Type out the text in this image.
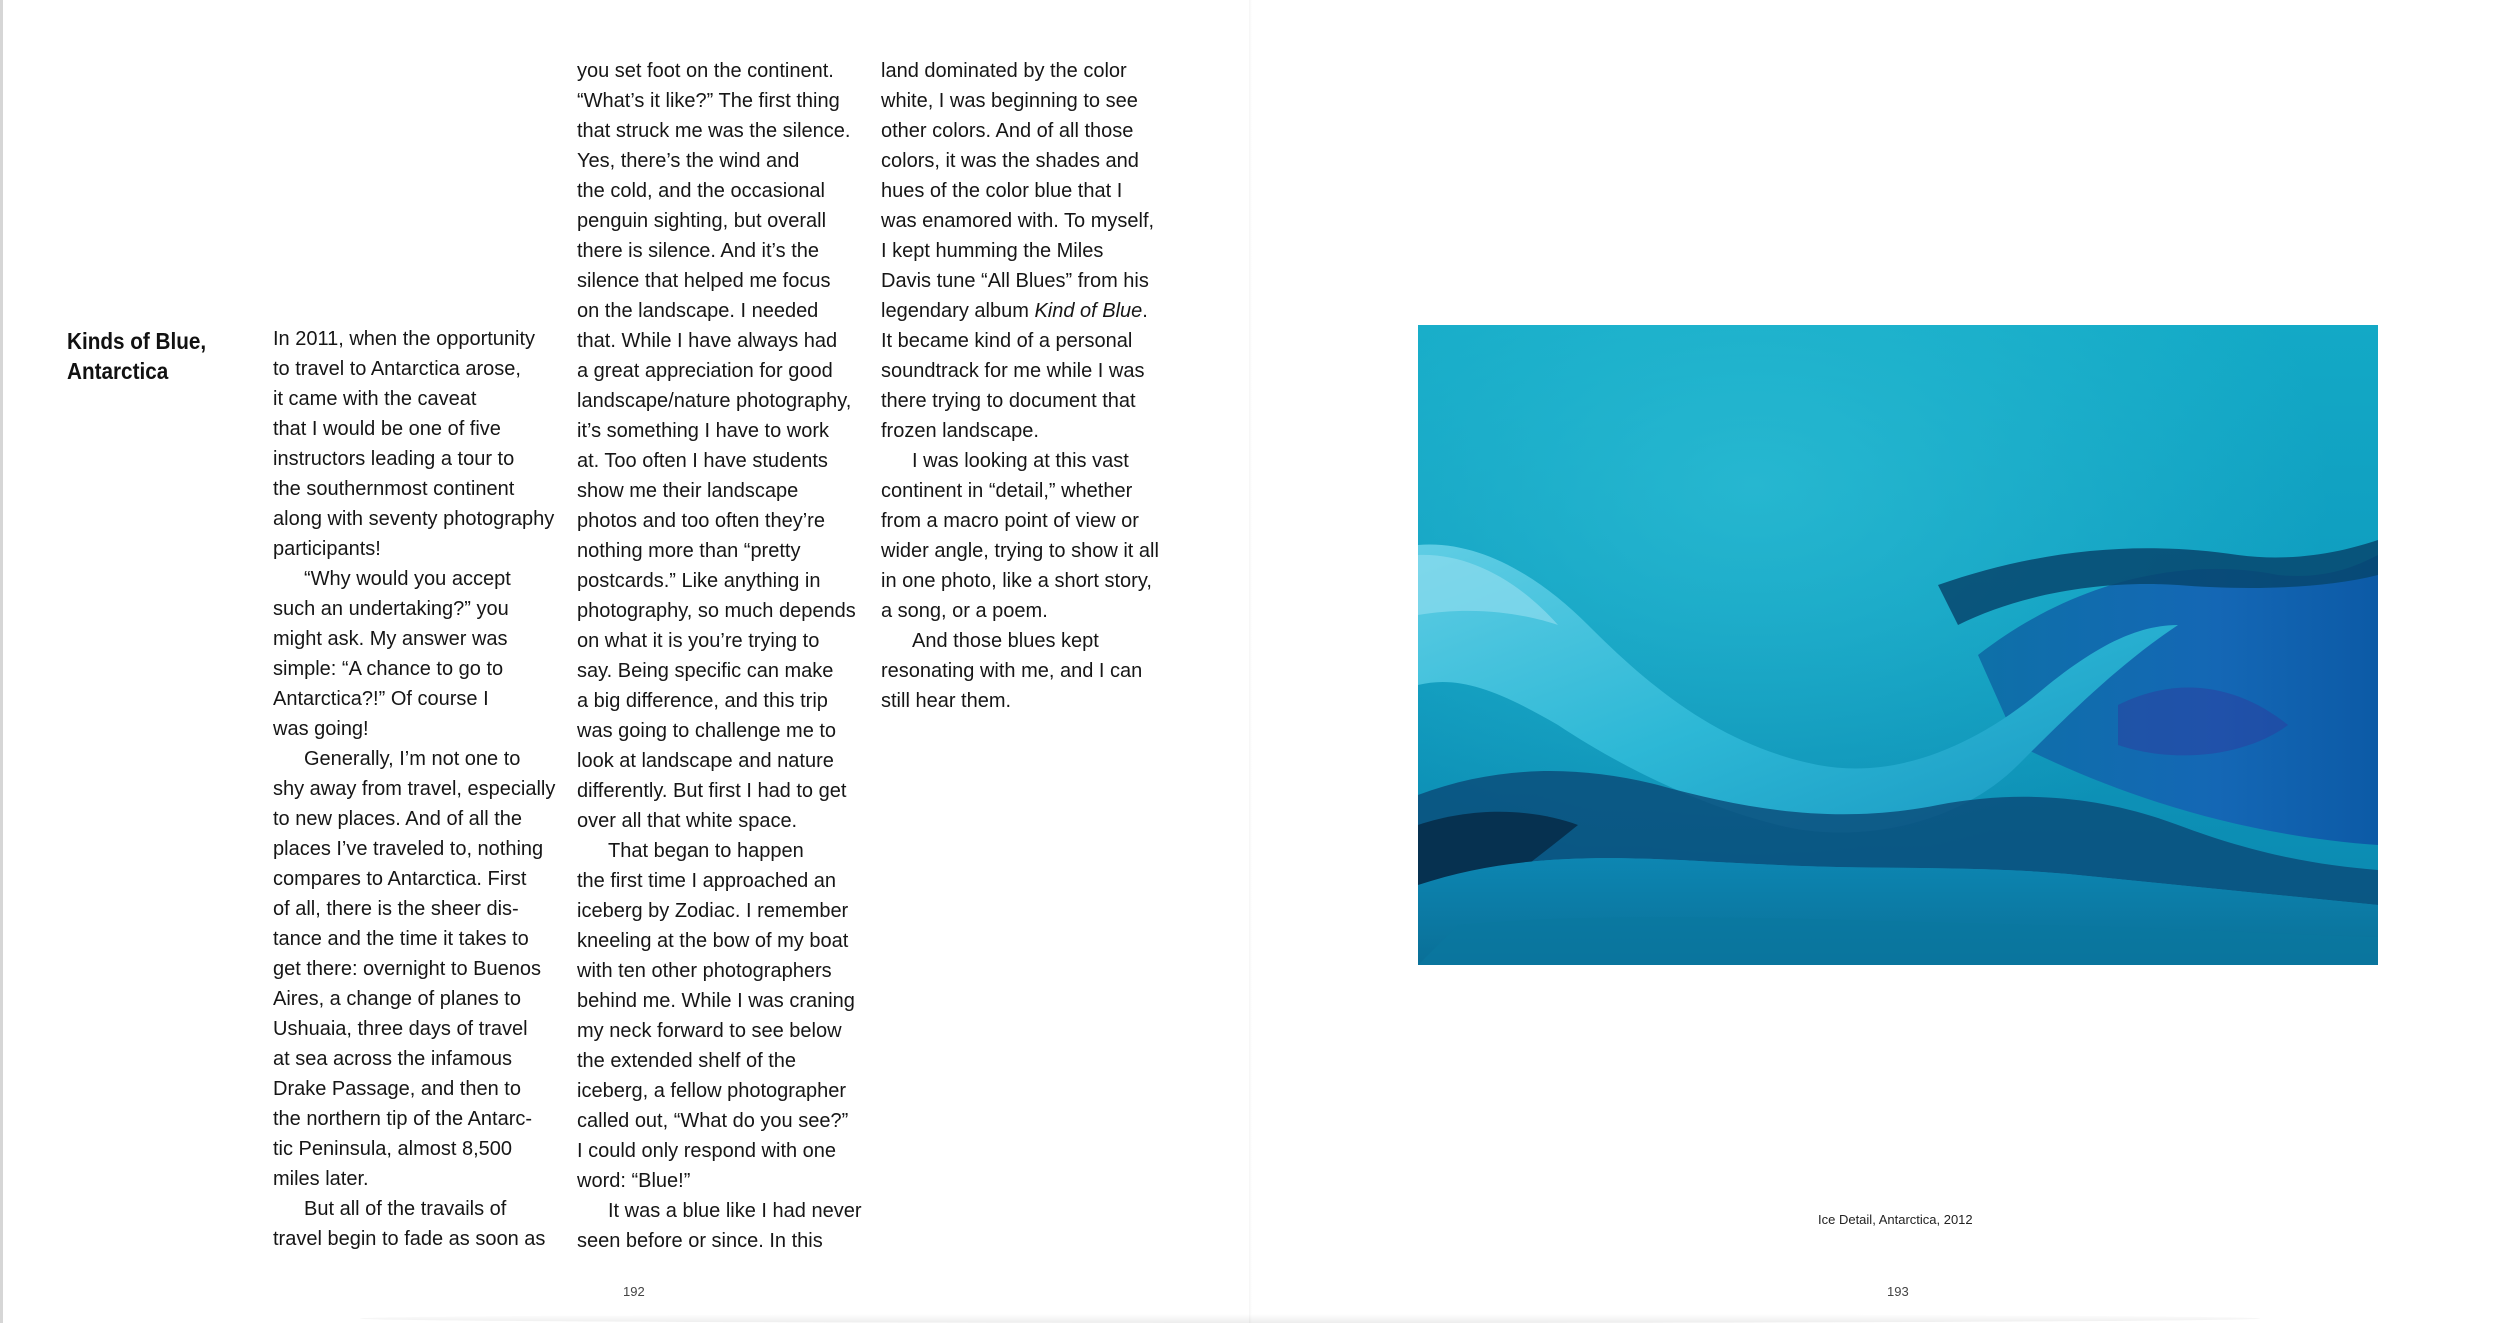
Kinds of Blue,
Antarctica
In 2011, when the opportunity
to travel to Antarctica arose,
it came with the caveat
that I would be one of five
instructors leading a tour to
the southernmost continent
along with seventy photography
participants!
“Why would you accept
such an undertaking?” you
might ask. My answer was
simple: “A chance to go to
Antarctica?!” Of course I
was going!
Generally, I’m not one to
shy away from travel, especially
to new places. And of all the
places I’ve traveled to, nothing
compares to Antarctica. First
of all, there is the sheer dis-
tance and the time it takes to
get there: overnight to Buenos
Aires, a change of planes to
Ushuaia, three days of travel
at sea across the infamous
Drake Passage, and then to
the northern tip of the Antarc-
tic Peninsula, almost 8,500
miles later.
But all of the travails of
travel begin to fade as soon as
you set foot on the continent.
“What’s it like?” The first thing
that struck me was the silence.
Yes, there’s the wind and
the cold, and the occasional
penguin sighting, but overall
there is silence. And it’s the
silence that helped me focus
on the landscape. I needed
that. While I have always had
a great appreciation for good
landscape/nature photography,
it’s something I have to work
at. Too often I have students
show me their landscape
photos and too often they’re
nothing more than “pretty
postcards.” Like anything in
photography, so much depends
on what it is you’re trying to
say. Being specific can make
a big difference, and this trip
was going to challenge me to
look at landscape and nature
differently. But first I had to get
over all that white space.
That began to happen
the first time I approached an
iceberg by Zodiac. I remember
kneeling at the bow of my boat
with ten other photographers
behind me. While I was craning
my neck forward to see below
the extended shelf of the
iceberg, a fellow photographer
called out, “What do you see?”
I could only respond with one
word: “Blue!”
It was a blue like I had never
seen before or since. In this
land dominated by the color
white, I was beginning to see
other colors. And of all those
colors, it was the shades and
hues of the color blue that I
was enamored with. To myself,
I kept humming the Miles
Davis tune “All Blues” from his
legendary album Kind of Blue.
It became kind of a personal
soundtrack for me while I was
there trying to document that
frozen landscape.
I was looking at this vast
continent in “detail,” whether
from a macro point of view or
wider angle, trying to show it all
in one photo, like a short story,
a song, or a poem.
And those blues kept
resonating with me, and I can
still hear them.
Ice Detail, Antarctica, 2012
192	193
